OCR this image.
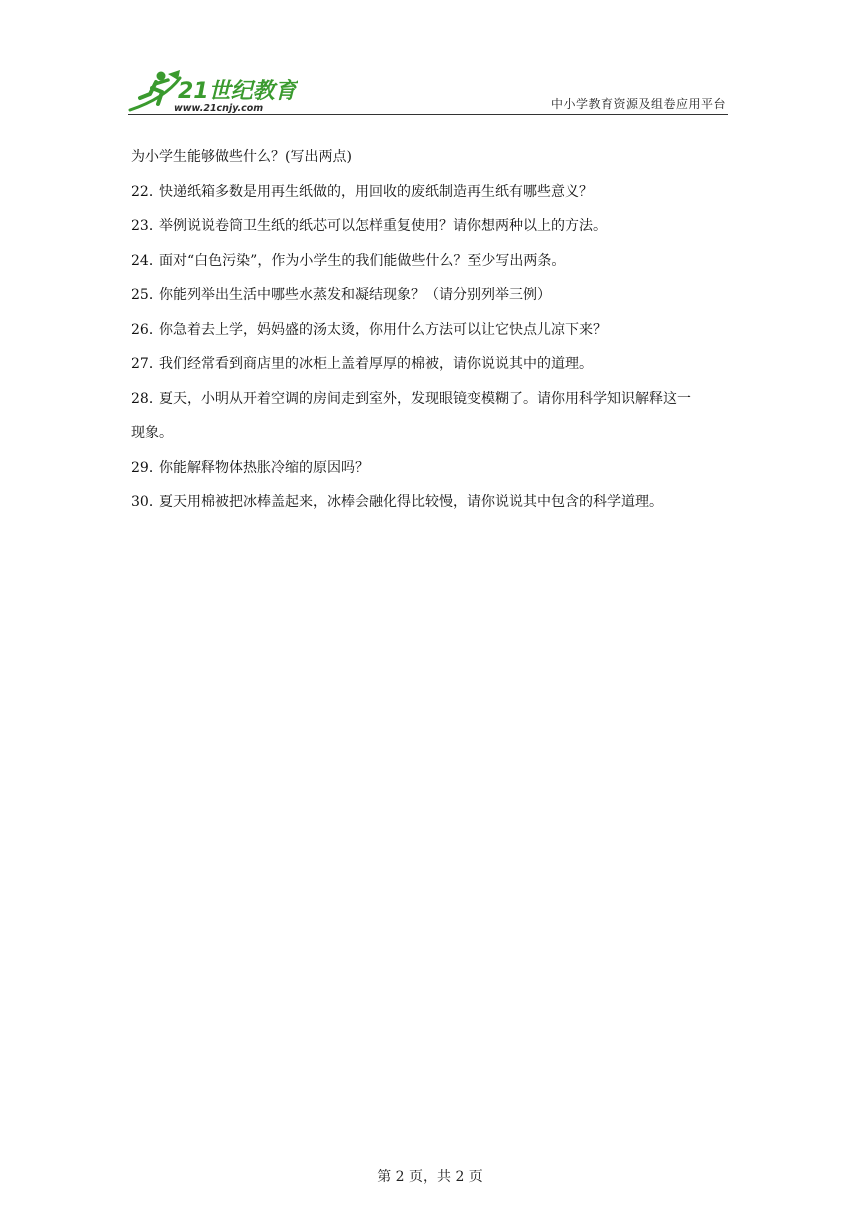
21世纪教育
www.21cnjy.com	中小学教育资源及组卷应用平台
为小学生能够做些什么？(写出两点)
22．快递纸箱多数是用再生纸做的，用回收的废纸制造再生纸有哪些意义？
23．举例说说卷筒卫生纸的纸芯可以怎样重复使用？请你想两种以上的方法。
24．面对“白色污染”，作为小学生的我们能做些什么？至少写出两条。
25．你能列举出生活中哪些水蒸发和凝结现象？（请分别列举三例）
26．你急着去上学，妈妈盛的汤太烫，你用什么方法可以让它快点儿凉下来？
27．我们经常看到商店里的冰柜上盖着厚厚的棉被，请你说说其中的道理。
28．夏天，小明从开着空调的房间走到室外，发现眼镜变模糊了。请你用科学知识解释这一
现象。
29．你能解释物体热胀冷缩的原因吗？
30．夏天用棉被把冰棒盖起来，冰棒会融化得比较慢，请你说说其中包含的科学道理。
第 2 页，共 2 页
